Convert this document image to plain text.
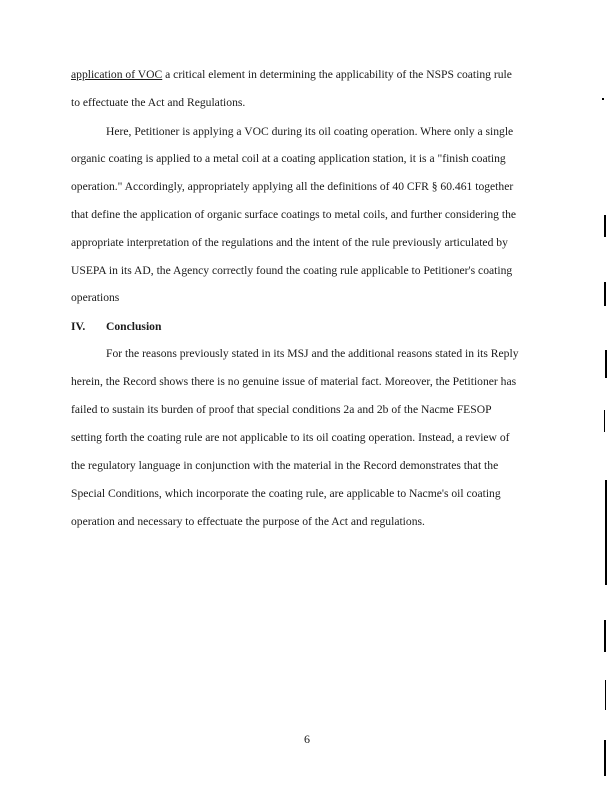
application of VOC a critical element in determining the applicability of the NSPS coating rule
to effectuate the Act and Regulations.
Here, Petitioner is applying a VOC during its oil coating operation. Where only a single
organic coating is applied to a metal coil at a coating application station, it is a "finish coating
operation." Accordingly, appropriately applying all the definitions of 40 CFR § 60.461 together
that define the application of organic surface coatings to metal coils, and further considering the
appropriate interpretation of the regulations and the intent of the rule previously articulated by
USEPA in its AD, the Agency correctly found the coating rule applicable to Petitioner's coating
operations
IV.	Conclusion
For the reasons previously stated in its MSJ and the additional reasons stated in its Reply
herein, the Record shows there is no genuine issue of material fact. Moreover, the Petitioner has
failed to sustain its burden of proof that special conditions 2a and 2b of the Nacme FESOP
setting forth the coating rule are not applicable to its oil coating operation. Instead, a review of
the regulatory language in conjunction with the material in the Record demonstrates that the
Special Conditions, which incorporate the coating rule, are applicable to Nacme's oil coating
operation and necessary to effectuate the purpose of the Act and regulations.
6
